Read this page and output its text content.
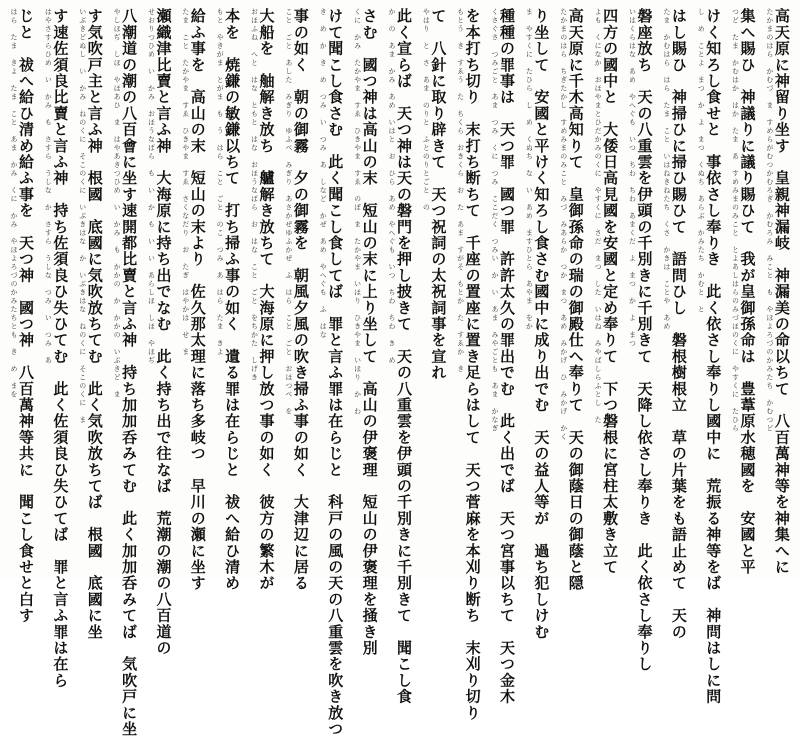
高天原に神留り坐す　皇親神漏岐　神漏美の命以ちて　八百萬神等を神集へに
たかまのはら　かむづ　ま　すめらがむつかむろぎ　かむろみ　みこと　も　やほよろづのかみたち　かむつど
集へ賜ひ　神議りに議り賜ひて　我が皇御孫命は　豊葦原水穂國を　安國と平
つど　たま　かむはか　はか　たま　あ　すめみまのみこと　とよあしはらのみづほのくに　やすくに　たひら
けく知ろし食せと　事依さし奉りき　此く依さし奉りし國中に　荒振る神等をば　神問はしに問
し　め　ことよ　まつ　か　よ　まつ　くぬち　あらぶ　かみたち　かむと　と
はし賜ひ　神掃ひに掃ひ賜ひて　語問ひし　磐根樹根立　草の片葉をも語止めて　天の
たま　かむはら　はら　たま　こと　いはねきねたち　くさ　かきは　ことや　あめ
磐座放ち　天の八重雲を伊頭の千別きに千別きて　天降し依さし奉りき　此く依さし奉りし
いはくらはな　あめ　やへぐも　いつ　ちわ　ちわ　あまくだ　よ　まつ　か　よ　まつ
四方の國中と　大倭日高見國を安國と定め奉りて　下つ磐根に宮柱太敷き立て
よも　くになか　おほやまとひだかみのくに　やすくに　さだ　まつ　した　いはね　みやばしらふとし　た
高天原に千木高知りて　皇御孫命の瑞の御殿仕へ奉りて　天の御蔭日の御蔭と隠
たかまのはら　ちぎたかし　すめみまのみこと　みづ　みあらか　つか　まつ　あめ　みかげ　ひ　みかげ　かく
り坐して　安國と平けく知ろし食さむ國中に成り出でむ　天の益人等が　過ち犯しけむ
ま　やすくに　たひら　し　め　くぬち　な　い　あめ　ますひとら　あやま　をか
種種の罪事は　天つ罪　國つ罪　許許太久の罪出でむ　此く出でば　天つ宮事以ちて　天つ金木
くさぐさ　つみごと　あま　つみ　くに　つみ　ここだく　つみい　か　い　あま　みやごとも　あま　かなぎ
を本打ち切り　末打ち断ちて　千座の置座に置き足らはして　天つ菅麻を本刈り断ち　末刈り切り
もとう　き　すゑう　た　ちくら　おきくら　お　た　あま　すがそ　もとか　た　すゑか　き
て　八針に取り辟きて　天つ祝詞の太祝詞事を宣れ
やはり　と　さ　あま　のりと　ふとのりとごと　の
此く宣らば　天つ神は天の磐門を押し披きて　天の八重雲を伊頭の千別きに千別きて　聞こし食
か　の　あま　かみ　あめ　いはと　お　ひら　あめ　やへぐも　いつ　ちわ　ちわ　き　め
さむ　國つ神は高山の末　短山の末に上り坐して　高山の伊褒理　短山の伊褒理を掻き別
くに　かみ　たかやま　すゑ　ひきやま　すゑ　のぼ　ま　たかやま　いほり　ひきやま　いほり　か　わ
けて聞こし食さむ　此く聞こし食してば　罪と言ふ罪は在らじと　科戸の風の天の八重雲を吹き放つ
き　め　か　き　め　つみ　い　つみ　あ　しなど　かぜ　あめ　やへぐも　ふ　はな
事の如く　朝の御霧　夕の御霧を　朝風夕風の吹き掃ふ事の如く　大津辺に居る
こと　ごと　あした　みぎり　ゆふべ　みぎり　あさかぜゆふかぜ　ふ　はら　こと　ごと　おほつべ　を
大船を　舳解き放ち　艫解き放ちて　大海原に押し放つ事の如く　彼方の繁木が
おほふね　へと　はな　ともと　はな　おほうなばら　お　はな　こと　ごと　をちかた　しげき
本を　焼鎌の敏鎌以ちて　打ち掃ふ事の如く　遺る罪は在らじと　祓へ給ひ清め
もと　やきがま　とがま　も　う　はら　こと　ごと　のこ　つみ　あ　はら　たま　きよ
給ふ事を　高山の末　短山の末より　佐久那太理に落ち多岐つ　早川の瀬に坐す
たま　こと　たかやま　すゑ　ひきやま　すゑ　さくなだり　お　たぎ　はやかは　せ　ま
瀬織津比賣と言ふ神　大海原に持ち出でなむ　此く持ち出で往なば　荒潮の潮の八百道の
せおりつひめ　い　かみ　おほうなばら　も　い　か　も　い　い　あらしほ　しほ　やほぢ
八潮道の潮の八百會に坐す速開都比賣と言ふ神　持ち加加呑みてむ　此く加加呑みてば　気吹戸に坐
やしほぢ　しほ　やほあひ　ま　はやあきつひめ　い　かみ　も　かかの　か　かかの　いぶきど　ま
す気吹戸主と言ふ神　根國　底國に気吹放ちてむ　此く気吹放ちてば　根國　底國に坐
いぶきどぬし　い　かみ　ねのくに　そこのくに　いぶきはな　か　いぶきはな　ねのくに　そこのくに　ま
す速佐須良比賣と言ふ神　持ち佐須良ひ失ひてむ　此く佐須良ひ失ひてば　罪と言ふ罪は在ら
はやさすらひめ　い　かみ　も　さすら　うしな　か　さすら　うしな　つみ　い　つみ　あ
じと　祓へ給ひ清め給ふ事を　天つ神　國つ神　八百萬神等共に　聞こし食せと白す
はら　たま　きよ　たま　こと　あま　かみ　くに　かみ　やほよろづのかみたちとも　き　め　まを
